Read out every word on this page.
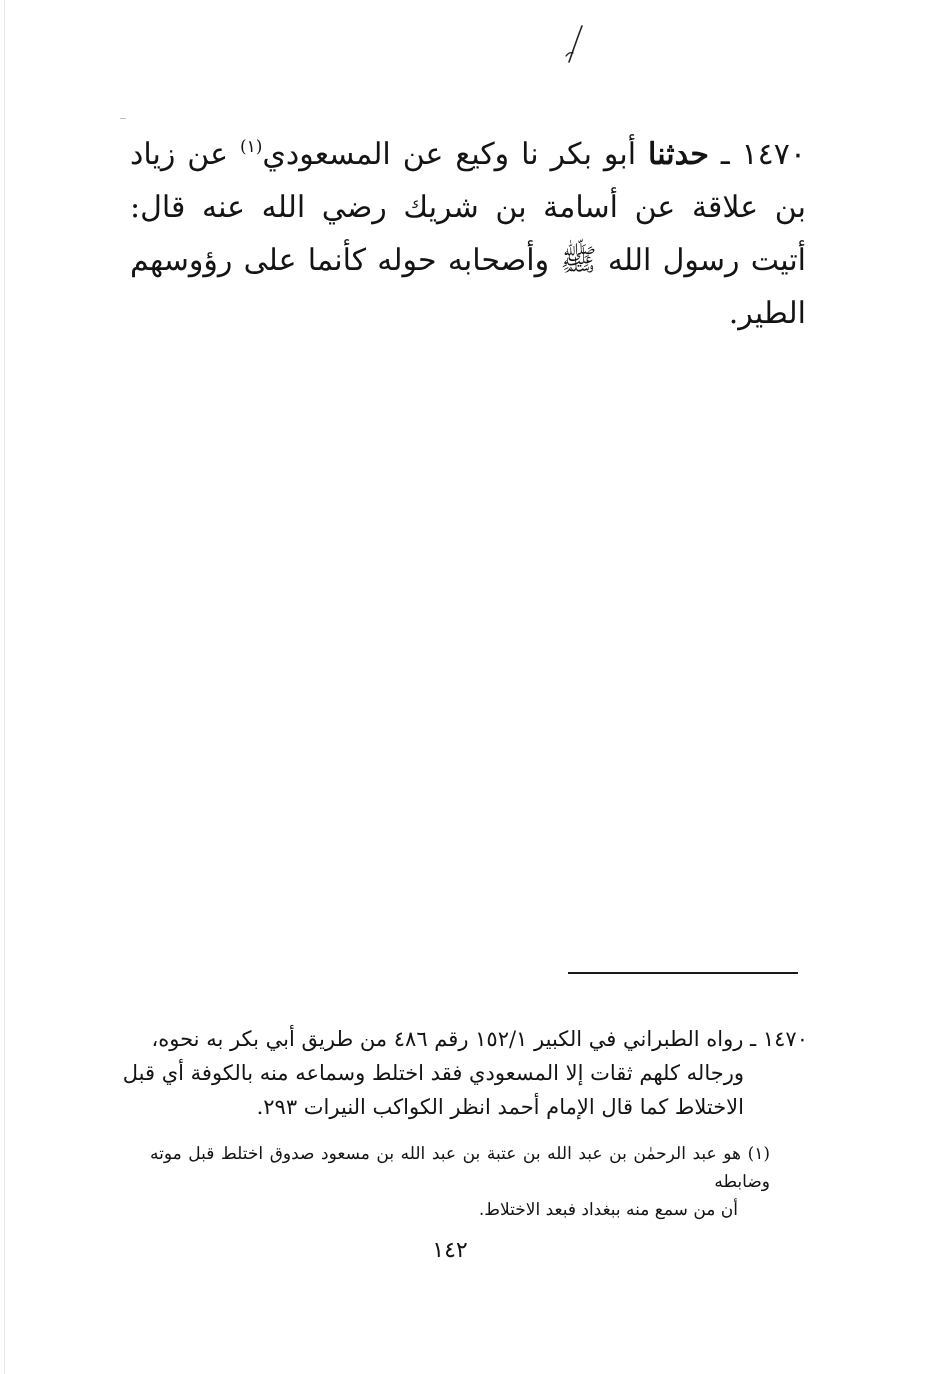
١٤٧٠ ـ حدثنا أبو بكر نا وكيع عن المسعودي$^{(١)}$ عن زياد بن علاقة عن أسامة بن شريك رضي الله عنه قال: أتيت رسول الله ﷺ وأصحابه حوله كأنما على رؤوسهم الطير.
١٤٧٠ ـ رواه الطبراني في الكبير ١٥٢/١ رقم ٤٨٦ من طريق أبي بكر به نحوه،
ورجاله كلهم ثقات إلا المسعودي فقد اختلط وسماعه منه بالكوفة أي قبل
الاختلاط كما قال الإمام أحمد انظر الكواكب النيرات ٢٩٣.
(١) هو عبد الرحمٰن بن عبد الله بن عتبة بن عبد الله بن مسعود صدوق اختلط قبل موته وضابطه
أن من سمع منه ببغداد فبعد الاختلاط.
١٤٢
